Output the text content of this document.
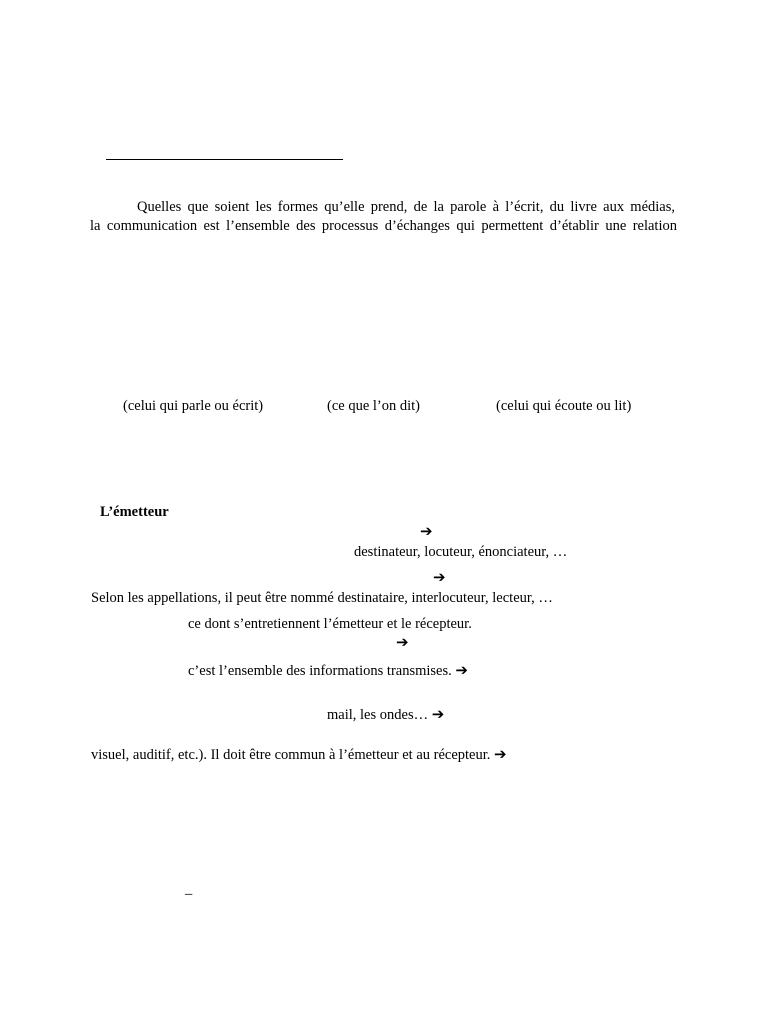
Quelles que soient les formes qu’elle prend, de la parole à l’écrit, du livre aux médias,
la communication est l’ensemble des processus d’échanges qui permettent d’établir une relation
(celui qui parle ou écrit)	(ce que l’on dit)	(celui qui écoute ou lit)
L’émetteur
➔
destinateur, locuteur, énonciateur, …
➔
Selon les appellations, il peut être nommé destinataire, interlocuteur, lecteur, …
ce dont s’entretiennent l’émetteur et le récepteur.
➔
c’est l’ensemble des informations transmises. ➔
mail, les ondes… ➔
visuel, auditif, etc.). Il doit être commun à l’émetteur et au récepteur. ➔
–
